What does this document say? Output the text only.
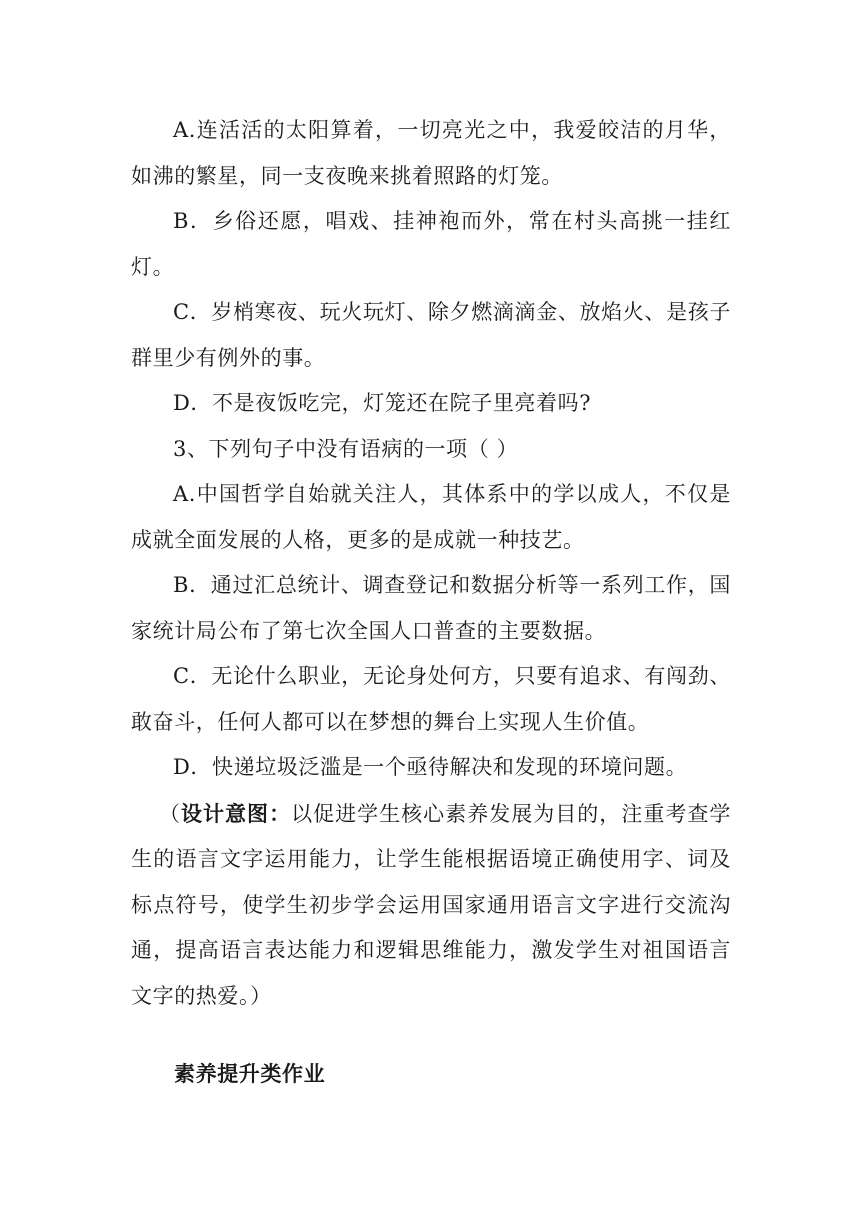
A.连活活的太阳算着，一切亮光之中，我爱皎洁的月华，如沸的繁星，同一支夜晚来挑着照路的灯笼。

B．乡俗还愿，唱戏、挂神袍而外，常在村头高挑一挂红灯。

C．岁梢寒夜、玩火玩灯、除夕燃滴滴金、放焰火、是孩子群里少有例外的事。

D．不是夜饭吃完，灯笼还在院子里亮着吗?

3、下列句子中没有语病的一项（ ）

A.中国哲学自始就关注人，其体系中的学以成人，不仅是成就全面发展的人格，更多的是成就一种技艺。

B．通过汇总统计、调查登记和数据分析等一系列工作，国家统计局公布了第七次全国人口普查的主要数据。

C．无论什么职业，无论身处何方，只要有追求、有闯劲、敢奋斗，任何人都可以在梦想的舞台上实现人生价值。

D．快递垃圾泛滥是一个亟待解决和发现的环境问题。

（设计意图：以促进学生核心素养发展为目的，注重考查学生的语言文字运用能力，让学生能根据语境正确使用字、词及标点符号，使学生初步学会运用国家通用语言文字进行交流沟通，提高语言表达能力和逻辑思维能力，激发学生对祖国语言文字的热爱。）

素养提升类作业
